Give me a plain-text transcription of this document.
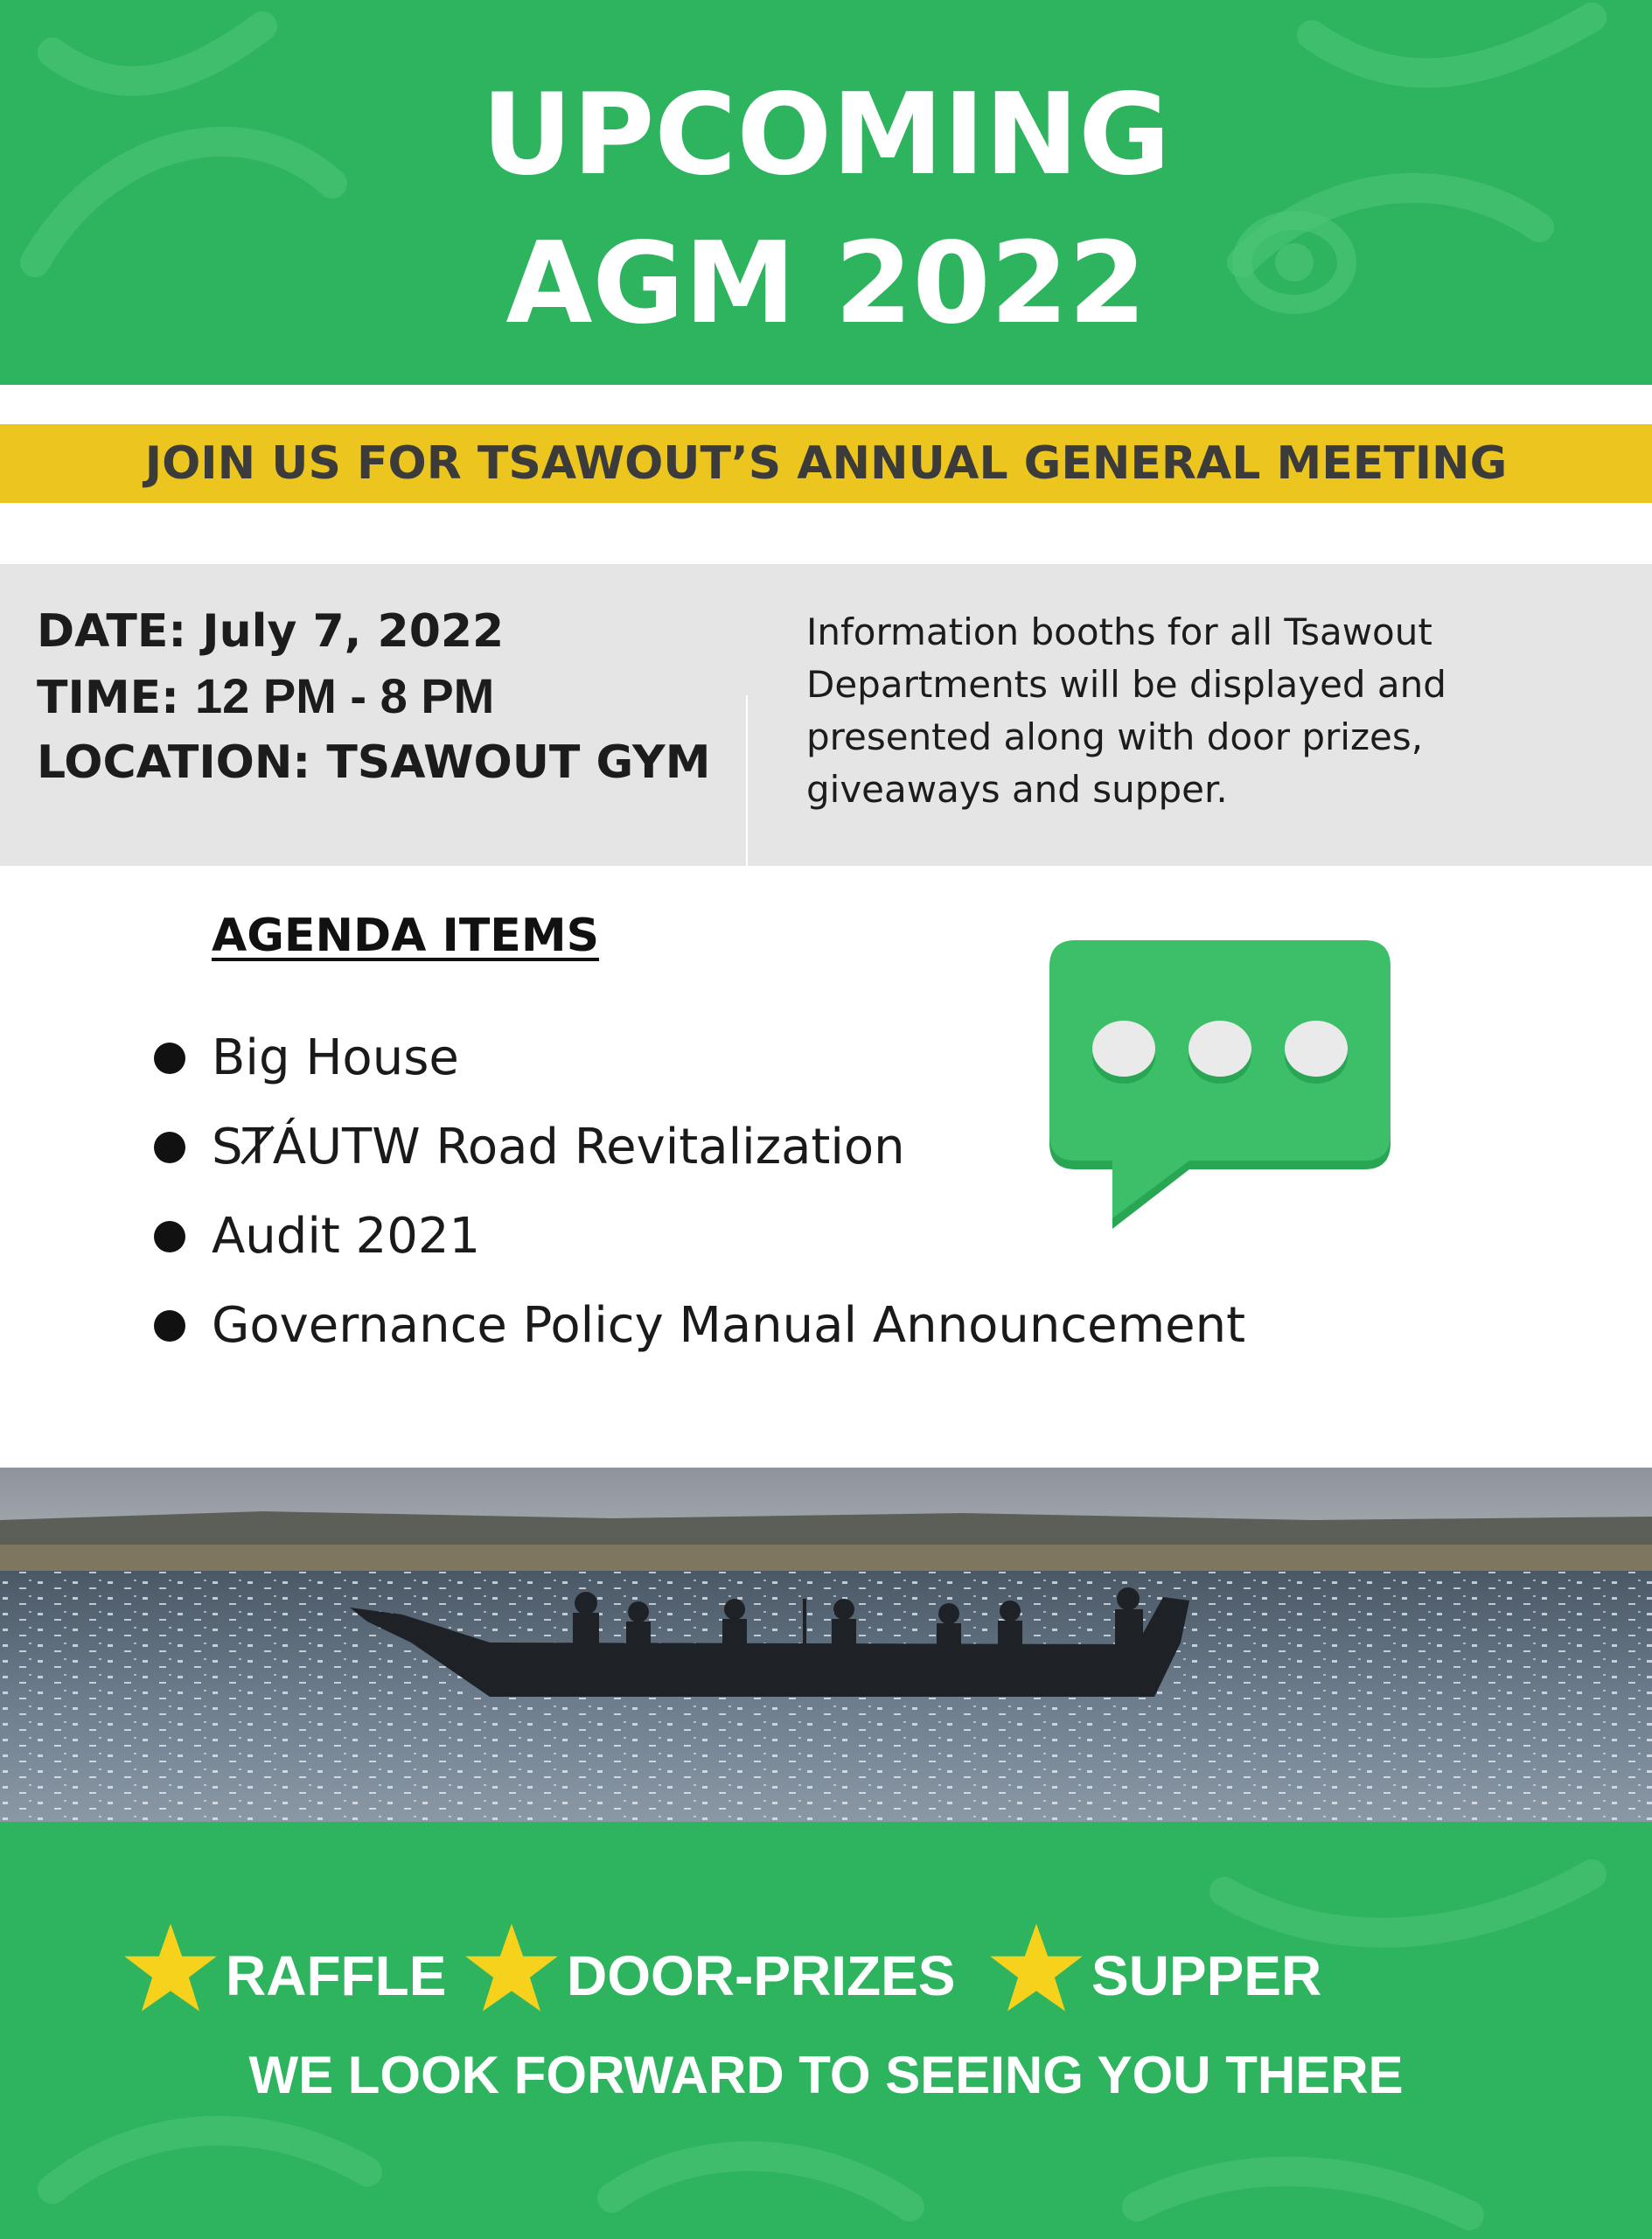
UPCOMING
AGM 2022
JOIN US FOR TSAWOUT’S ANNUAL GENERAL MEETING
DATE: July 7, 2022
TIME: 12 PM - 8 PM
LOCATION: TSAWOUT GYM
Information booths for all Tsawout
Departments will be displayed and
presented along with door prizes,
giveaways and supper.
AGENDA ITEMS
Big House
SȾÁUTW Road Revitalization
Audit 2021
Governance Policy Manual Announcement
RAFFLE DOOR-PRIZES SUPPER
WE LOOK FORWARD TO SEEING YOU THERE
